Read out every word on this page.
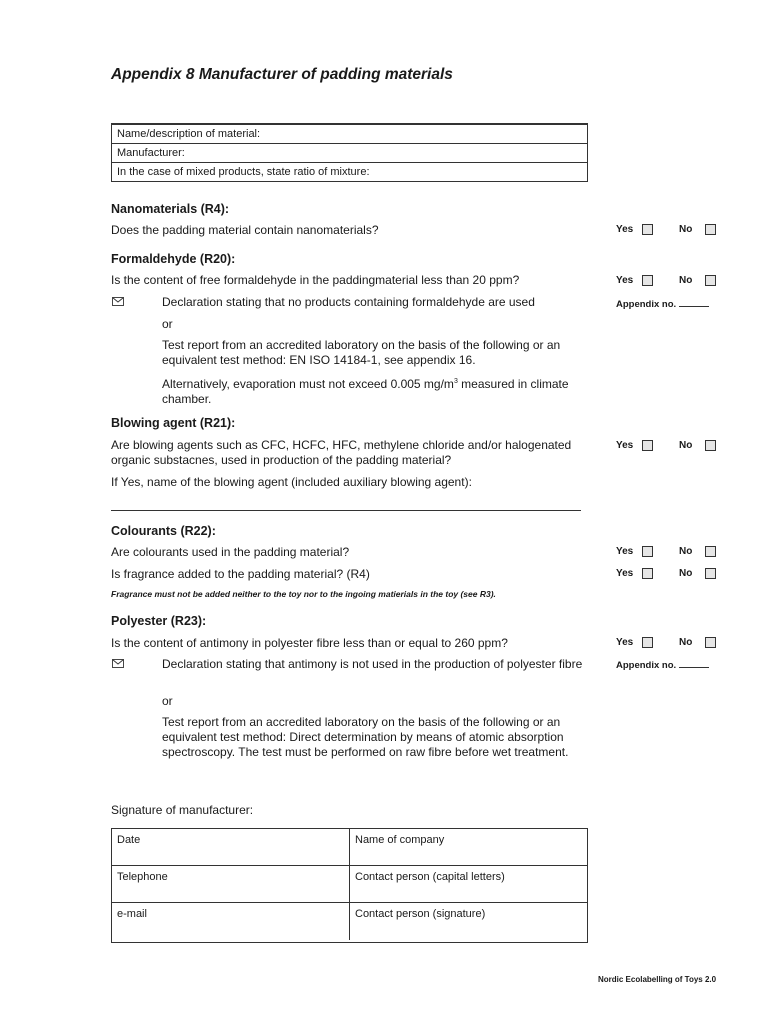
Appendix 8 Manufacturer of padding materials
Name/description of material:
Manufacturer:
In the case of mixed products, state ratio of mixture:
Nanomaterials (R4):
Does the padding material contain nanomaterials?	Yes	No
Formaldehyde (R20):
Is the content of free formaldehyde in the paddingmaterial less than 20 ppm?	Yes	No
Declaration stating that no products containing formaldehyde are used	Appendix no.
or
Test report from an accredited laboratory on the basis of the following or an equivalent test method: EN ISO 14184-1, see appendix 16.
Alternatively, evaporation must not exceed 0.005 $mg/m^3$ measured in climate chamber.
Blowing agent (R21):
Are blowing agents such as CFC, HCFC, HFC, methylene chloride and/or halogenated organic substacnes, used in production of the padding material?
Yes	No
If Yes, name of the blowing agent (included auxiliary blowing agent):
Colourants (R22):
Are colourants used in the padding material?	Yes	No
Is fragrance added to the padding material? (R4)	Yes	No
Fragrance must not be added neither to the toy nor to the ingoing matierials in the toy (see R3).
Polyester (R23):
Is the content of antimony in polyester fibre less than or equal to 260 ppm?	Yes	No
Declaration stating that antimony is not used in the production of polyester fibre	Appendix no.
or
Test report from an accredited laboratory on the basis of the following or an equivalent test method: Direct determination by means of atomic absorption spectroscopy. The test must be performed on raw fibre before wet treatment.
Signature of manufacturer:
Date	Name of company
Telephone	Contact person (capital letters)
e-mail	Contact person (signature)
Nordic Ecolabelling of Toys 2.0
